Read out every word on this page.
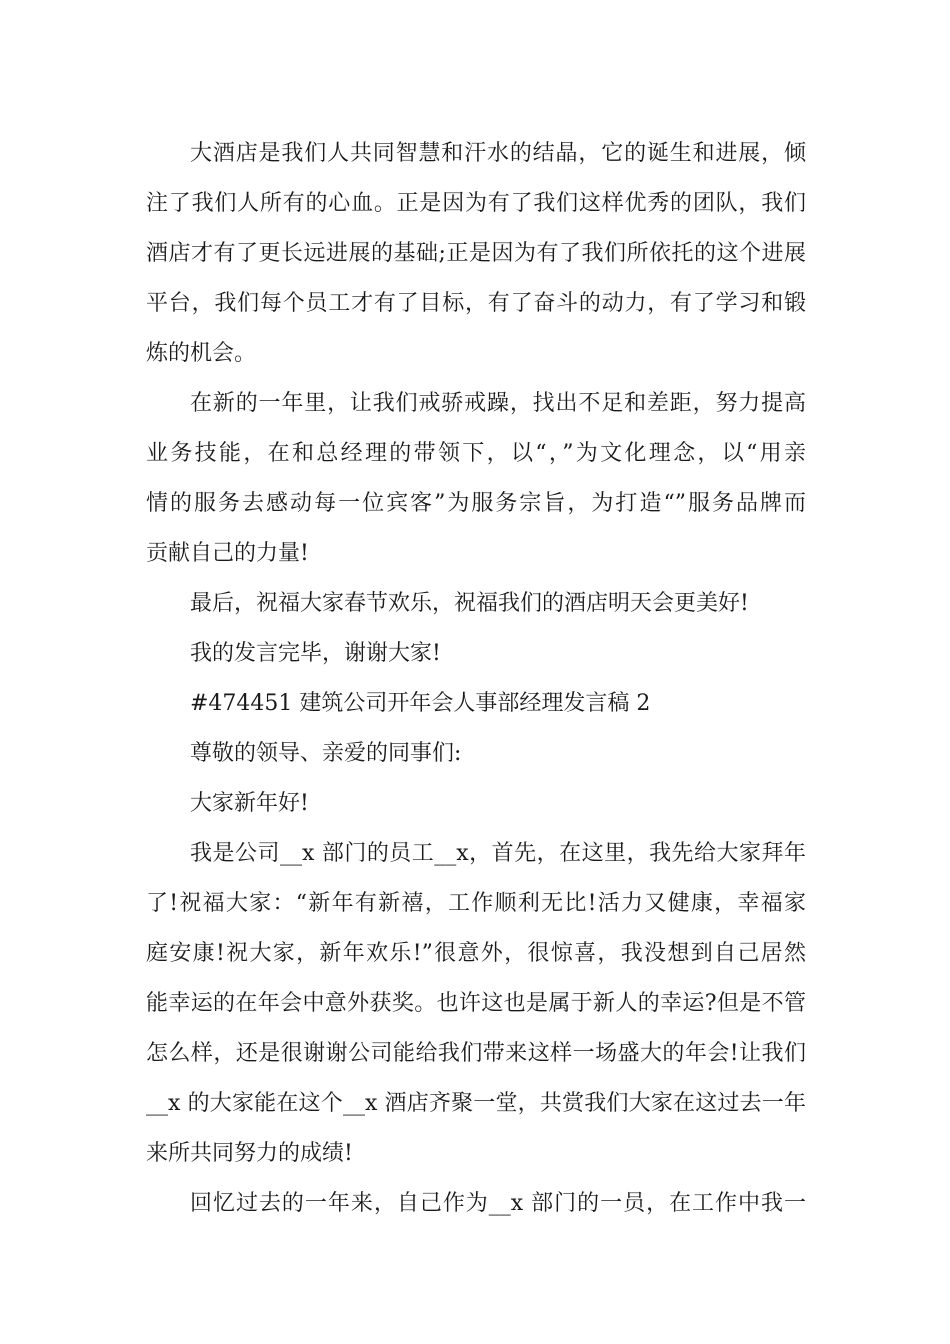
大酒店是我们人共同智慧和汗水的结晶，它的诞生和进展，倾
注了我们人所有的心血。正是因为有了我们这样优秀的团队，我们
酒店才有了更长远进展的基础;正是因为有了我们所依托的这个进展
平台，我们每个员工才有了目标，有了奋斗的动力，有了学习和锻
炼的机会。
在新的一年里，让我们戒骄戒躁，找出不足和差距，努力提高
业务技能，在和总经理的带领下，以“，”为文化理念，以“用亲
情的服务去感动每一位宾客”为服务宗旨，为打造“”服务品牌而
贡献自己的力量!
最后，祝福大家春节欢乐，祝福我们的酒店明天会更美好!
我的发言完毕，谢谢大家!
#474451 建筑公司开年会人事部经理发言稿 2
尊敬的领导、亲爱的同事们:
大家新年好!
我是公司__x 部门的员工__x，首先，在这里，我先给大家拜年
了!祝福大家：“新年有新禧，工作顺利无比!活力又健康，幸福家
庭安康!祝大家，新年欢乐!”很意外，很惊喜，我没想到自己居然
能幸运的在年会中意外获奖。也许这也是属于新人的幸运?但是不管
怎么样，还是很谢谢公司能给我们带来这样一场盛大的年会!让我们
__x 的大家能在这个__x 酒店齐聚一堂，共赏我们大家在这过去一年
来所共同努力的成绩!
回忆过去的一年来，自己作为__x 部门的一员，在工作中我一
